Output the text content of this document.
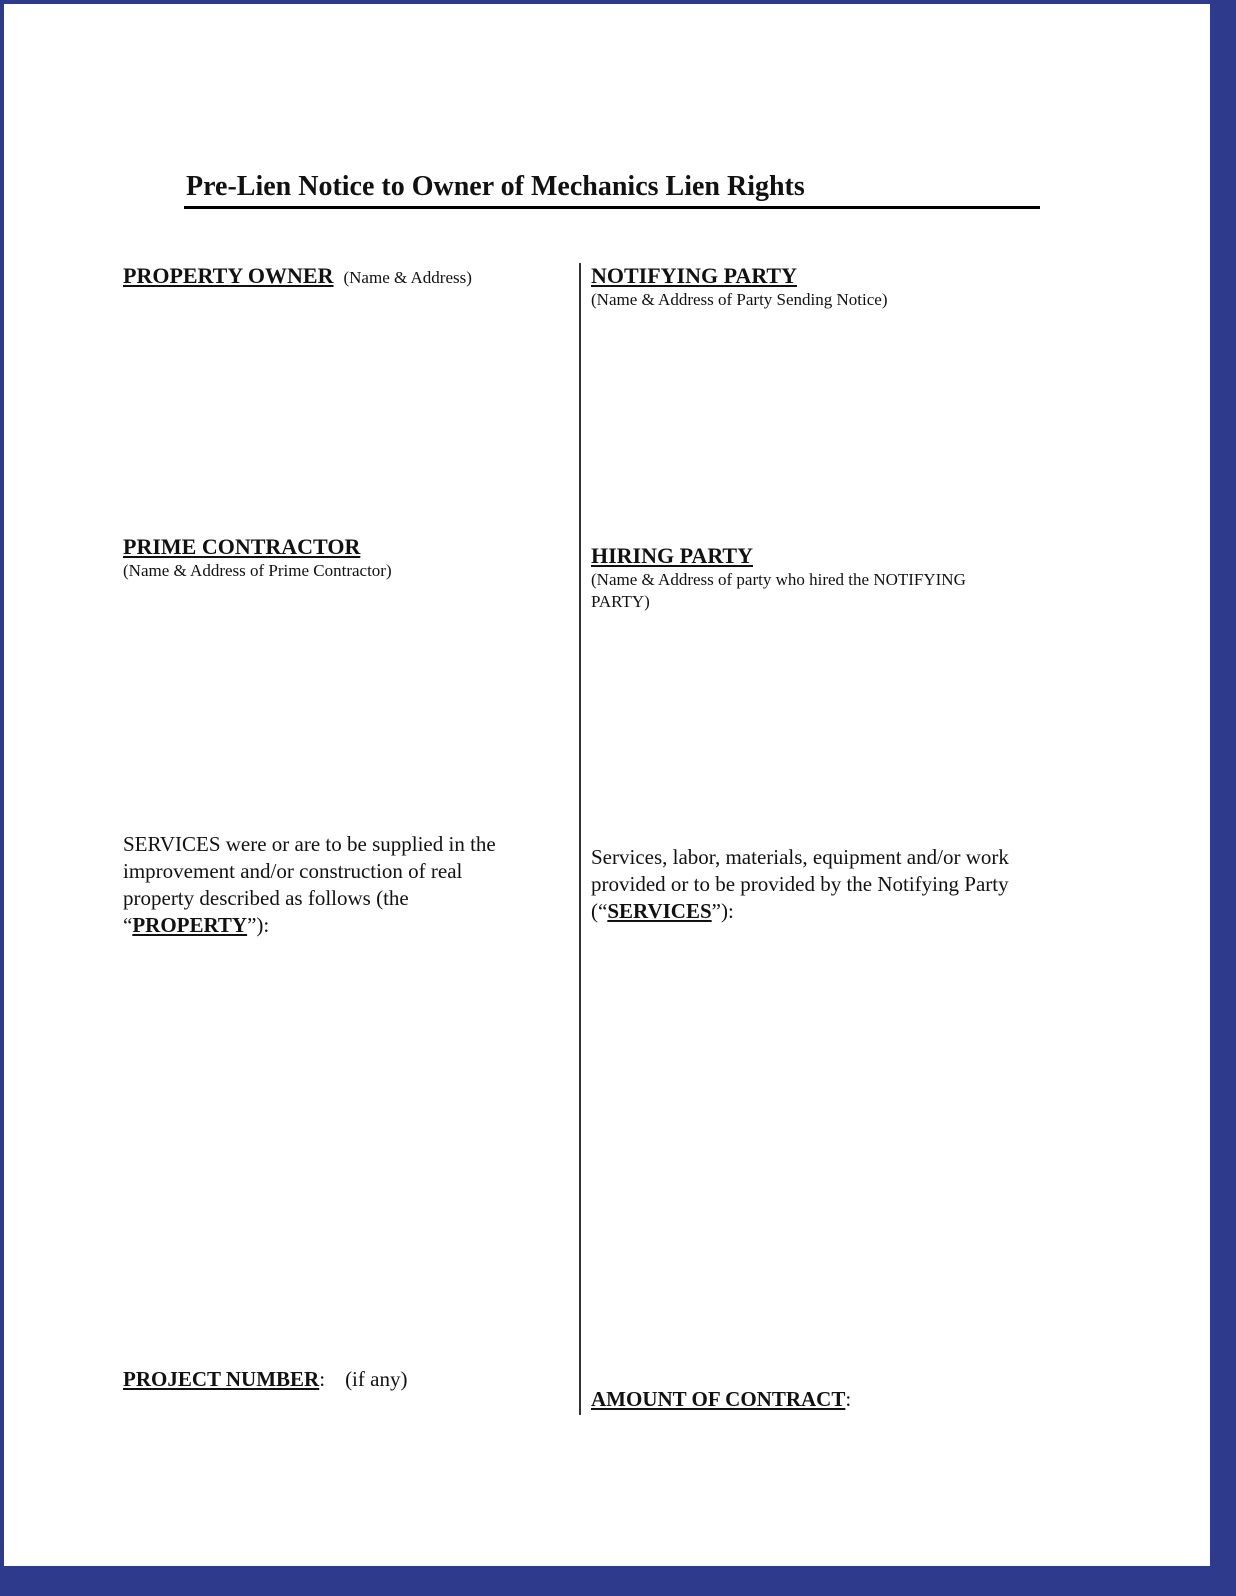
Pre-Lien Notice to Owner of Mechanics Lien Rights
PROPERTY OWNER (Name & Address)	NOTIFYING PARTY
(Name & Address of Party Sending Notice)
PRIME CONTRACTOR
(Name & Address of Prime Contractor)
HIRING PARTY
(Name & Address of party who hired the NOTIFYING
PARTY)
SERVICES were or are to be supplied in the
improvement and/or construction of real
property described as follows (the
“PROPERTY”):
Services, labor, materials, equipment and/or work
provided or to be provided by the Notifying Party
(“SERVICES”):
PROJECT NUMBER: (if any)
AMOUNT OF CONTRACT:
